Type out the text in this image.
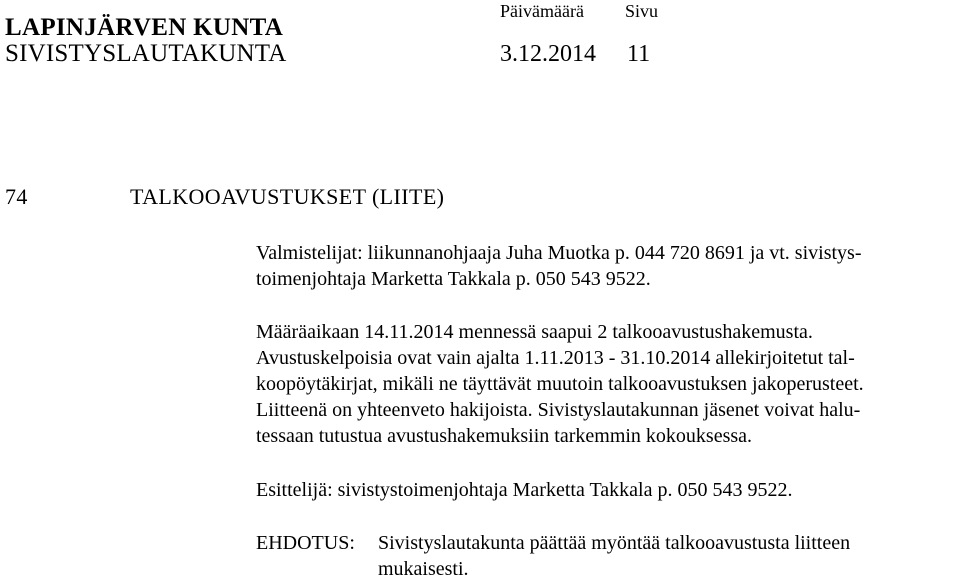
LAPINJÄRVEN KUNTA
SIVISTYSLAUTAKUNTA
Päivämäärä
3.12.2014
Sivu
11
74	TALKOOAVUSTUKSET (LIITE)
Valmistelijat: liikunnanohjaaja Juha Muotka p. 044 720 8691 ja vt. sivistys-
toimenjohtaja Marketta Takkala p. 050 543 9522.
Määräaikaan 14.11.2014 mennessä saapui 2 talkooavustushakemusta.
Avustuskelpoisia ovat vain ajalta 1.11.2013 - 31.10.2014 allekirjoitetut tal-
koopöytäkirjat, mikäli ne täyttävät muutoin talkooavustuksen jakoperusteet.
Liitteenä on yhteenveto hakijoista. Sivistyslautakunnan jäsenet voivat halu-
tessaan tutustua avustushakemuksiin tarkemmin kokouksessa.
Esittelijä: sivistystoimenjohtaja Marketta Takkala p. 050 543 9522.
EHDOTUS: Sivistyslautakunta päättää myöntää talkooavustusta liitteen
mukaisesti.
